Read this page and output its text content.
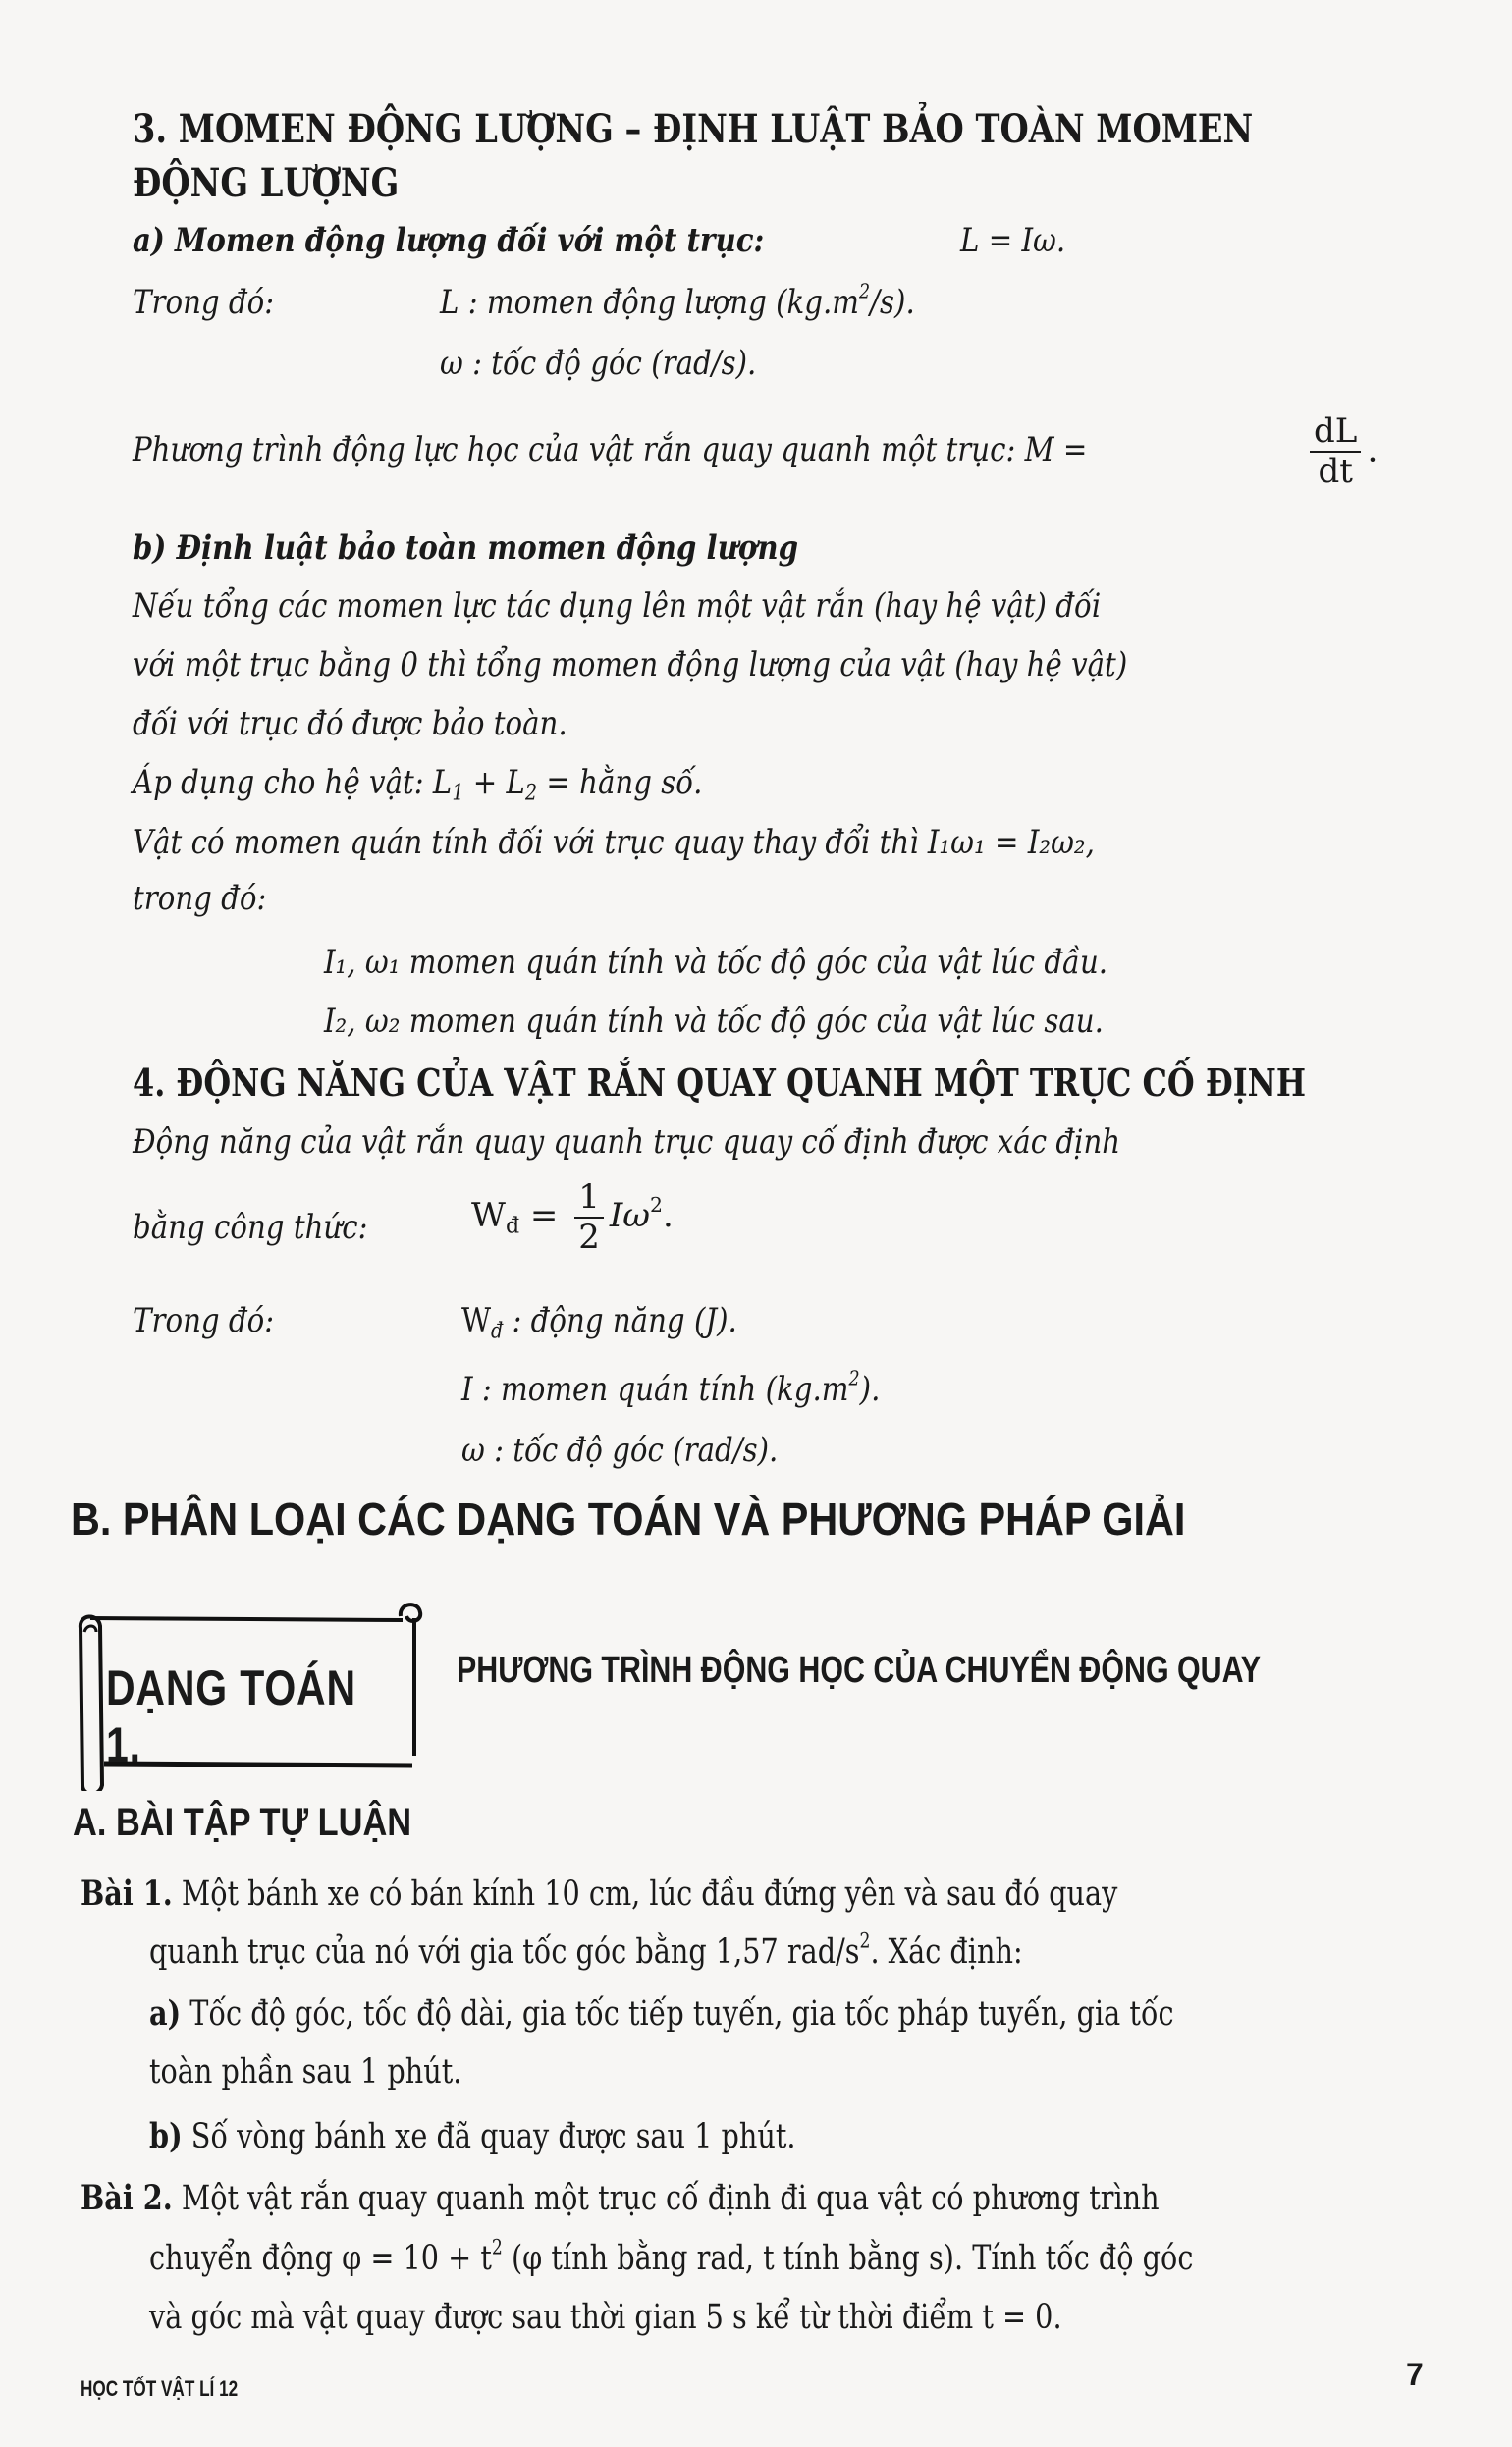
3. MOMEN ĐỘNG LƯỢNG – ĐỊNH LUẬT BẢO TOÀN MOMEN
ĐỘNG LƯỢNG
a) Momen động lượng đối với một trục:	L = Iω.
Trong đó:	L : momen động lượng $(kg.m^2/s)$.
ω : tốc độ góc (rad/s).
Phương trình động lực học của vật rắn quay quanh một trục: M =	$\frac{dL}{dt}$ .
b) Định luật bảo toàn momen động lượng
Nếu tổng các momen lực tác dụng lên một vật rắn (hay hệ vật) đối
với một trục bằng 0 thì tổng momen động lượng của vật (hay hệ vật)
đối với trục đó được bảo toàn.
Áp dụng cho hệ vật: $L_1 + L_2$ = hằng số.
Vật có momen quán tính đối với trục quay thay đổi thì I₁ω₁ = I₂ω₂,
trong đó:
I₁, ω₁ momen quán tính và tốc độ góc của vật lúc đầu.
I₂, ω₂ momen quán tính và tốc độ góc của vật lúc sau.
4. ĐỘNG NĂNG CỦA VẬT RẮN QUAY QUANH MỘT TRỤC CỐ ĐỊNH
Động năng của vật rắn quay quanh trục quay cố định được xác định
bằng công thức:	$W_đ = \frac{1}{2} I\omega^2$.
Trong đó:	$W_đ$ : động năng (J).
I : momen quán tính $(kg.m^2)$.
ω : tốc độ góc (rad/s).
B. PHÂN LOẠI CÁC DẠNG TOÁN VÀ PHƯƠNG PHÁP GIẢI
DẠNG TOÁN 1.
PHƯƠNG TRÌNH ĐỘNG HỌC CỦA CHUYỂN ĐỘNG QUAY
A. BÀI TẬP TỰ LUẬN
Bài 1. Một bánh xe có bán kính 10 cm, lúc đầu đứng yên và sau đó quay
quanh trục của nó với gia tốc góc bằng 1,57 rad/$s^2$. Xác định:
a) Tốc độ góc, tốc độ dài, gia tốc tiếp tuyến, gia tốc pháp tuyến, gia tốc
toàn phần sau 1 phút.
b) Số vòng bánh xe đã quay được sau 1 phút.
Bài 2. Một vật rắn quay quanh một trục cố định đi qua vật có phương trình
chuyển động $\varphi = 10 + t^2$ (φ tính bằng rad, t tính bằng s). Tính tốc độ góc
và góc mà vật quay được sau thời gian 5 s kể từ thời điểm t = 0.
HỌC TỐT VẬT LÍ 12	7
